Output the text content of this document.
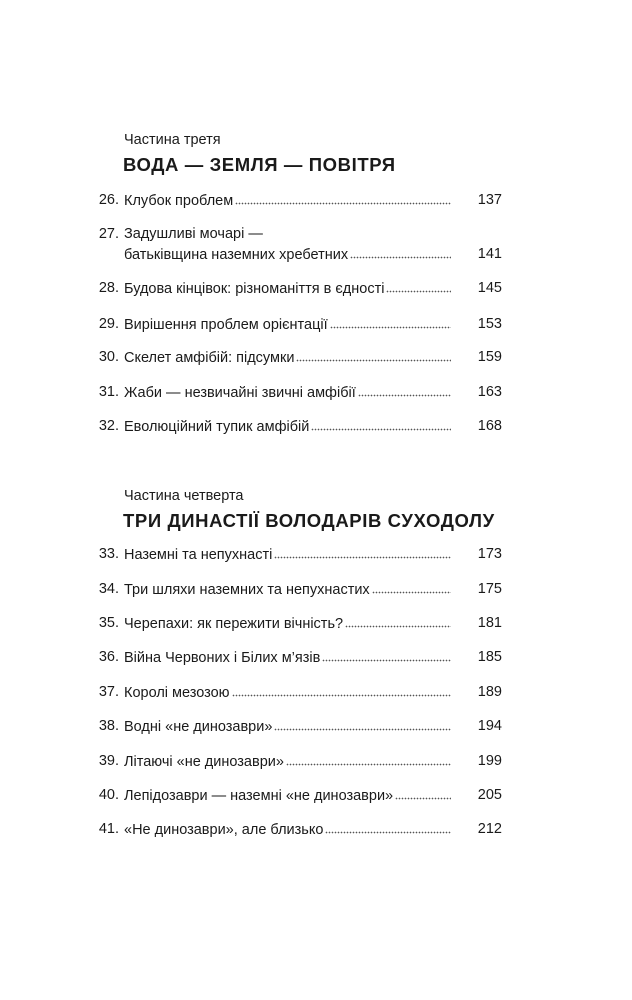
Частина третя
ВОДА — ЗЕМЛЯ — ПОВІТРЯ
26. Клубок проблем	137
27. Задушливі мочарі —
батьківщина наземних хребетних	141
28. Будова кінцівок: різноманіття в єдності	145
29. Вирішення проблем орієнтації	153
30. Скелет амфібій: підсумки	159
31. Жаби — незвичайні звичні амфібії	163
32. Еволюційний тупик амфібій	168
Частина четверта
ТРИ ДИНАСТІЇ ВОЛОДАРІВ СУХОДОЛУ
33. Наземні та непухнасті	173
34. Три шляхи наземних та непухнастих	175
35. Черепахи: як пережити вічність?	181
36. Війна Червоних і Білих м’язів	185
37. Королі мезозою	189
38. Водні «не динозаври»	194
39. Літаючі «не динозаври»	199
40. Лепідозаври — наземні «не динозаври»	205
41. «Не динозаври», але близько	212
